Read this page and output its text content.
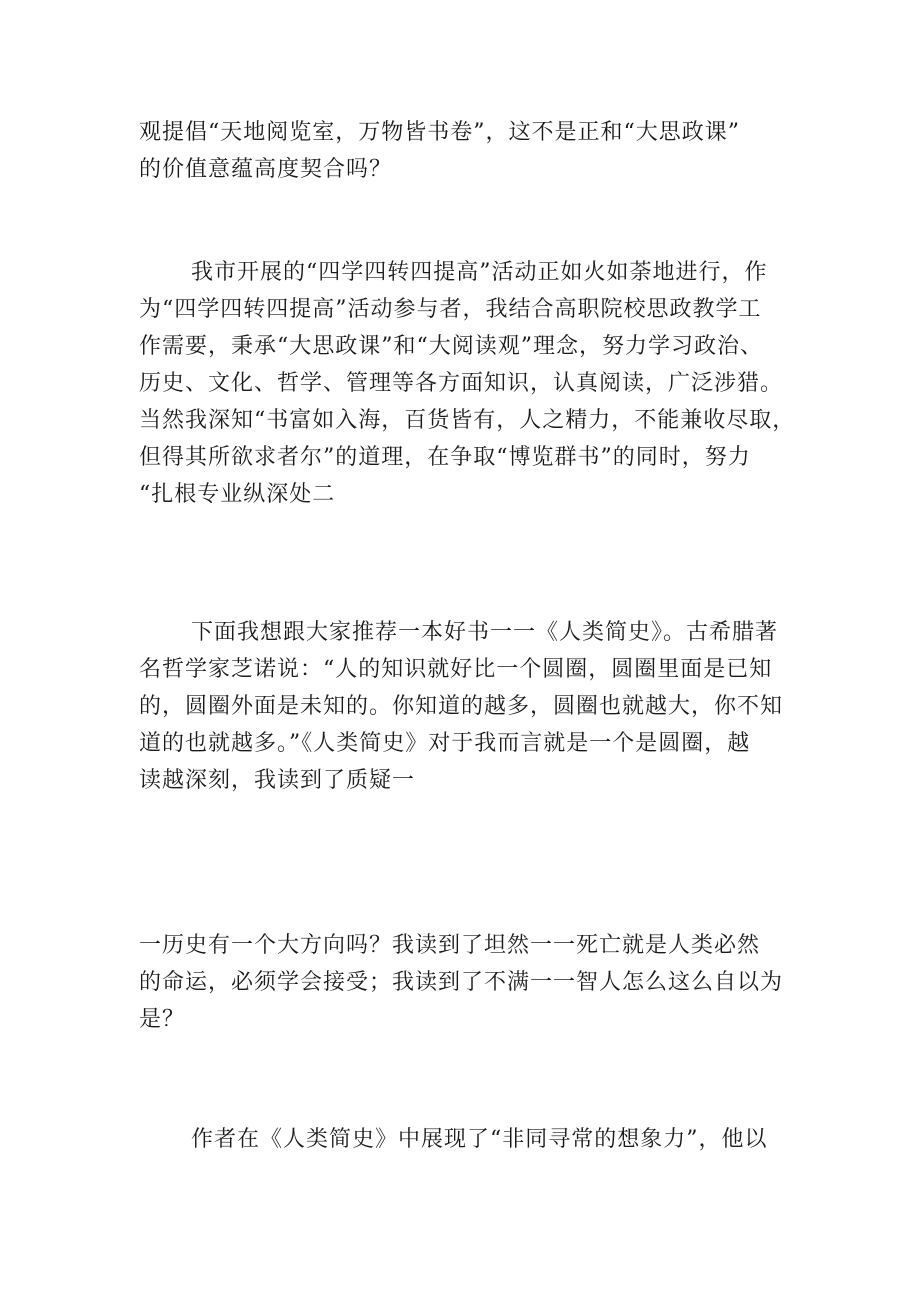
观提倡“天地阅览室，万物皆书卷”，这不是正和“大思政课”
的价值意蕴高度契合吗？
我市开展的“四学四转四提高”活动正如火如荼地进行，作
为“四学四转四提高”活动参与者，我结合高职院校思政教学工
作需要，秉承“大思政课”和“大阅读观”理念，努力学习政治、
历史、文化、哲学、管理等各方面知识，认真阅读，广泛涉猎。
当然我深知“书富如入海，百货皆有，人之精力，不能兼收尽取，
但得其所欲求者尔”的道理，在争取“博览群书”的同时，努力
“扎根专业纵深处二
下面我想跟大家推荐一本好书一一《人类简史》。古希腊著
名哲学家芝诺说：“人的知识就好比一个圆圈，圆圈里面是已知
的，圆圈外面是未知的。你知道的越多，圆圈也就越大，你不知
道的也就越多。”《人类简史》对于我而言就是一个是圆圈，越
读越深刻，我读到了质疑一
一历史有一个大方向吗？我读到了坦然一一死亡就是人类必然
的命运，必须学会接受；我读到了不满一一智人怎么这么自以为
是？
作者在《人类简史》中展现了“非同寻常的想象力”，他以
